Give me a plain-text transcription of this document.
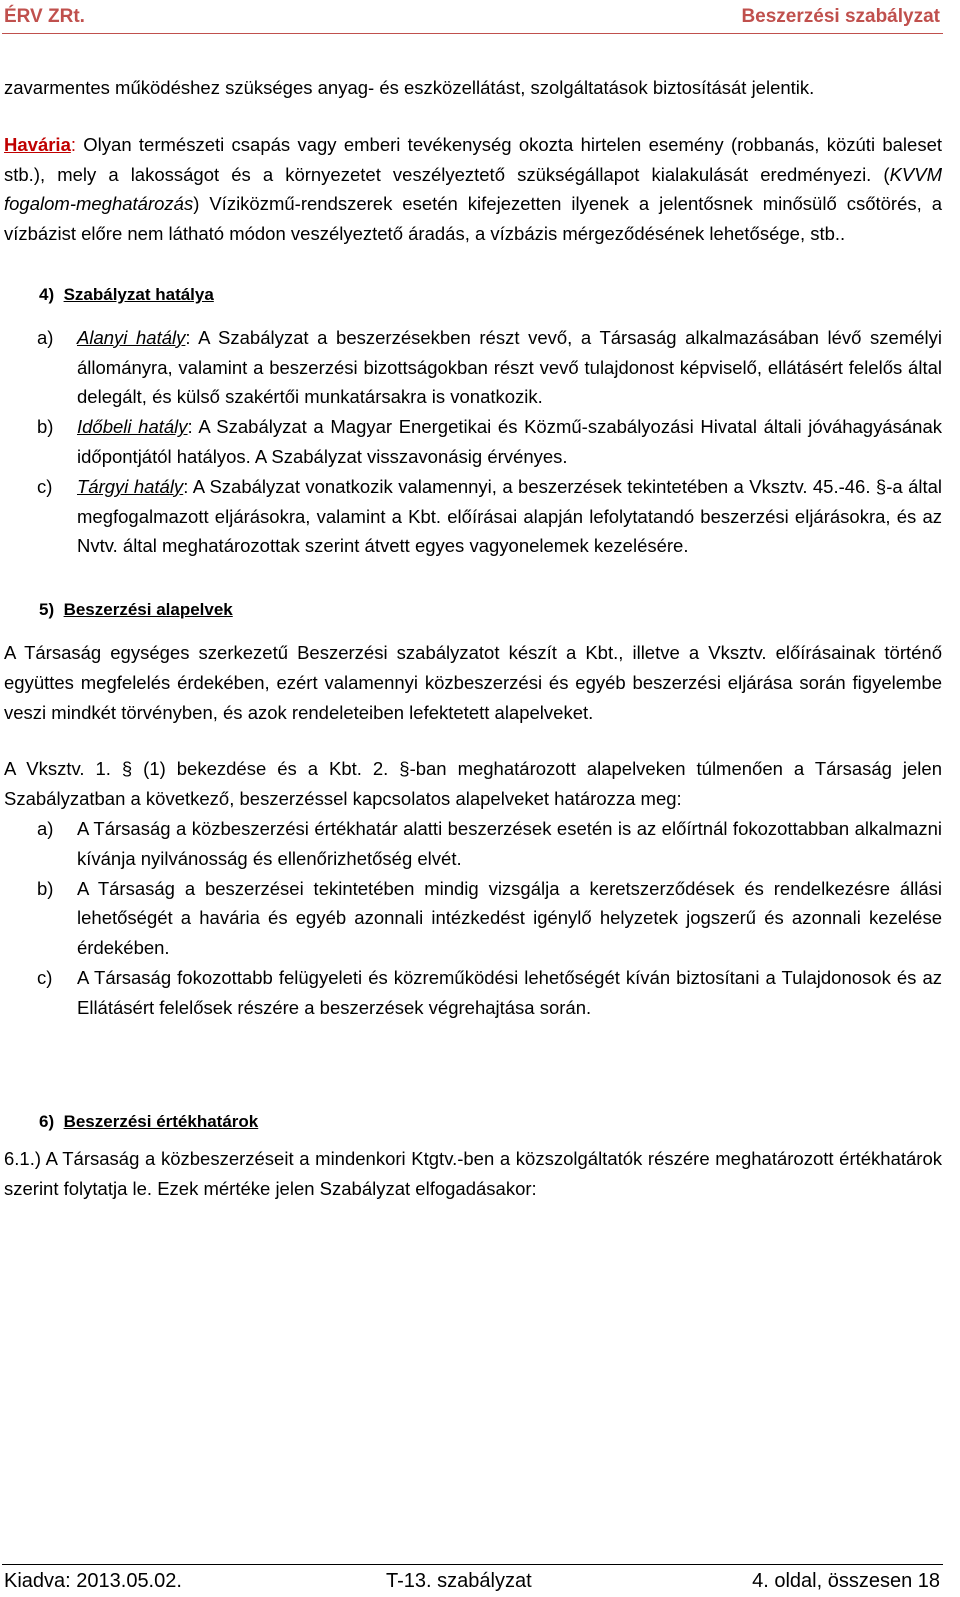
ÉRV ZRt.	Beszerzési szabályzat

zavarmentes működéshez szükséges anyag- és eszközellátást, szolgáltatások biztosítását jelentik.

Havária: Olyan természeti csapás vagy emberi tevékenység okozta hirtelen esemény (robbanás, közúti baleset stb.), mely a lakosságot és a környezetet veszélyeztető szükségállapot kialakulását eredményezi. (KVVM fogalom-meghatározás) Víziközmű-rendszerek esetén kifejezetten ilyenek a jelentősnek minősülő csőtörés, a vízbázist előre nem látható módon veszélyeztető áradás, a vízbázis mérgeződésének lehetősége, stb..

4) Szabályzat hatálya
a)	Alanyi hatály: A Szabályzat a beszerzésekben részt vevő, a Társaság alkalmazásában lévő személyi állományra, valamint a beszerzési bizottságokban részt vevő tulajdonost képviselő, ellátásért felelős által delegált, és külső szakértői munkatársakra is vonatkozik.
b)	Időbeli hatály: A Szabályzat a Magyar Energetikai és Közmű-szabályozási Hivatal általi jóváhagyásának időpontjától hatályos. A Szabályzat visszavonásig érvényes.
c)	Tárgyi hatály: A Szabályzat vonatkozik valamennyi, a beszerzések tekintetében a Vksztv. 45.-46. §-a által megfogalmazott eljárásokra, valamint a Kbt. előírásai alapján lefolytatandó beszerzési eljárásokra, és az Nvtv. által meghatározottak szerint átvett egyes vagyonelemek kezelésére.
5) Beszerzési alapelvek

A Társaság egységes szerkezetű Beszerzési szabályzatot készít a Kbt., illetve a Vksztv. előírásainak történő együttes megfelelés érdekében, ezért valamennyi közbeszerzési és egyéb beszerzési eljárása során figyelembe veszi mindkét törvényben, és azok rendeleteiben lefektetett alapelveket.

A Vksztv. 1. § (1) bekezdése és a Kbt. 2. §-ban meghatározott alapelveken túlmenően a Társaság jelen Szabályzatban a következő, beszerzéssel kapcsolatos alapelveket határozza meg:

a)	A Társaság a közbeszerzési értékhatár alatti beszerzések esetén is az előírtnál fokozottabban alkalmazni kívánja nyilvánosság és ellenőrizhetőség elvét.
b)	A Társaság a beszerzései tekintetében mindig vizsgálja a keretszerződések és rendelkezésre állási lehetőségét a havária és egyéb azonnali intézkedést igénylő helyzetek jogszerű és azonnali kezelése érdekében.
c)	A Társaság fokozottabb felügyeleti és közreműködési lehetőségét kíván biztosítani a Tulajdonosok és az Ellátásért felelősek részére a beszerzések végrehajtása során.
6) Beszerzési értékhatárok

6.1.) A Társaság a közbeszerzéseit a mindenkori Ktgtv.-ben a közszolgáltatók részére meghatározott értékhatárok szerint folytatja le. Ezek mértéke jelen Szabályzat elfogadásakor:

Kiadva: 2013.05.02.	T-13. szabályzat	4. oldal, összesen 18
